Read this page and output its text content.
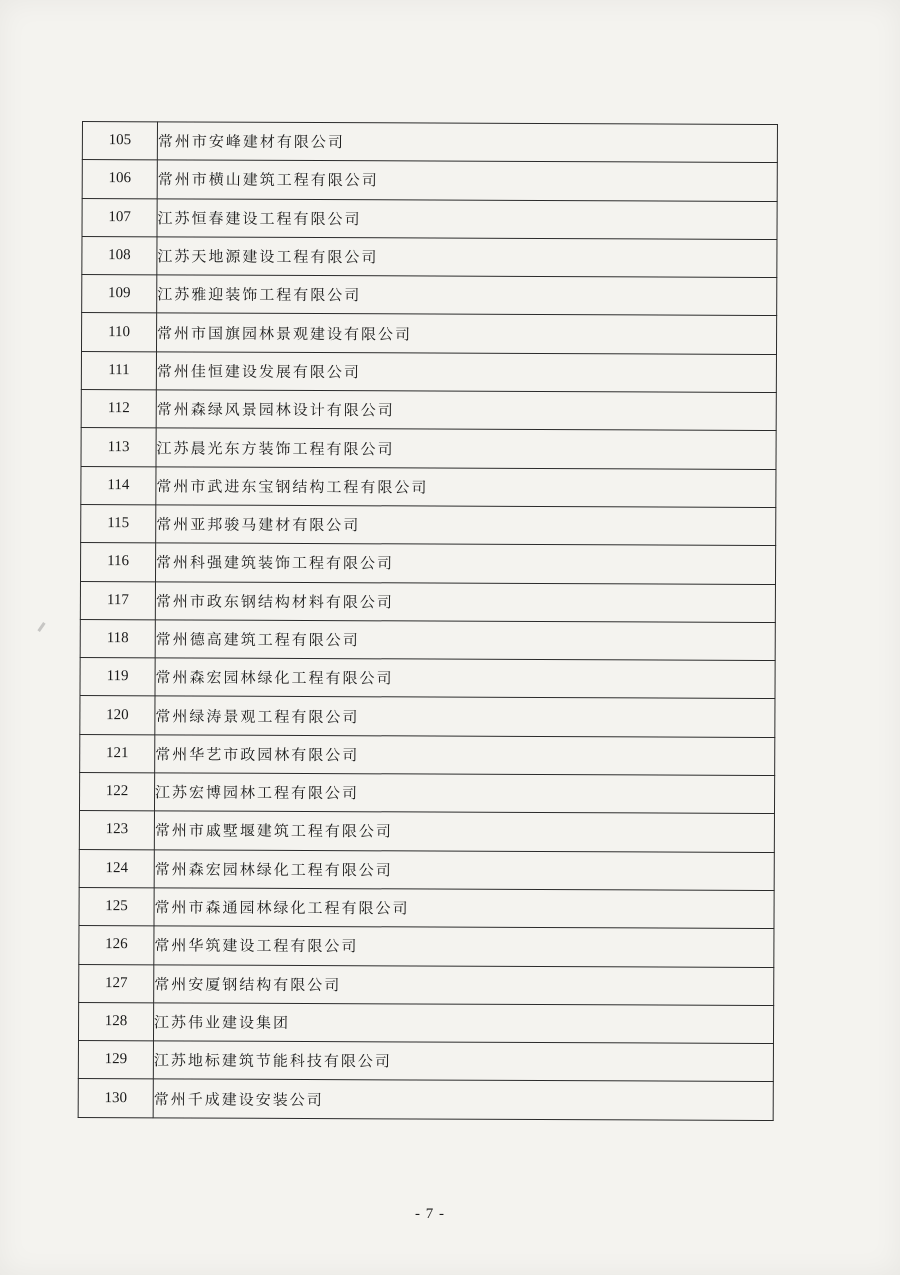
105	常州市安峰建材有限公司
106	常州市横山建筑工程有限公司
107	江苏恒春建设工程有限公司
108	江苏天地源建设工程有限公司
109	江苏雅迎装饰工程有限公司
110	常州市国旗园林景观建设有限公司
111	常州佳恒建设发展有限公司
112	常州森绿风景园林设计有限公司
113	江苏晨光东方装饰工程有限公司
114	常州市武进东宝钢结构工程有限公司
115	常州亚邦骏马建材有限公司
116	常州科强建筑装饰工程有限公司
117	常州市政东钢结构材料有限公司
118	常州德高建筑工程有限公司
119	常州森宏园林绿化工程有限公司
120	常州绿涛景观工程有限公司
121	常州华艺市政园林有限公司
122	江苏宏博园林工程有限公司
123	常州市戚墅堰建筑工程有限公司
124	常州森宏园林绿化工程有限公司
125	常州市森通园林绿化工程有限公司
126	常州华筑建设工程有限公司
127	常州安厦钢结构有限公司
128	江苏伟业建设集团
129	江苏地标建筑节能科技有限公司
130	常州千成建设安装公司
- 7 -
